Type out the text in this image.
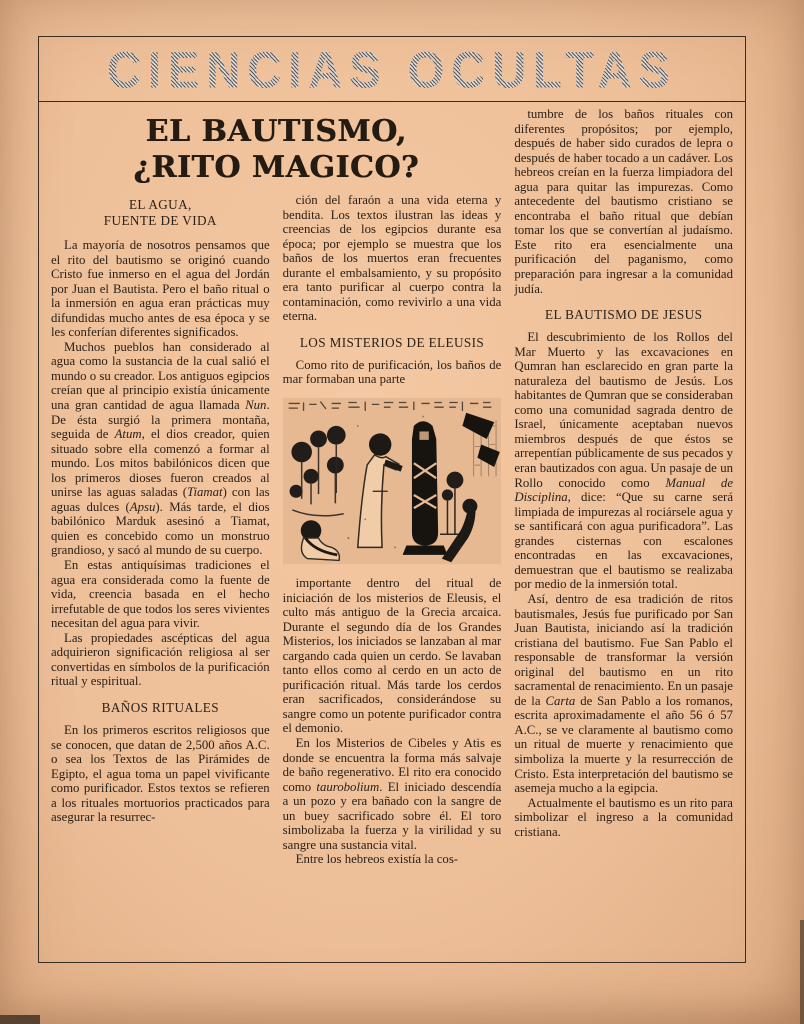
CIENCIAS OCULTAS
EL BAUTISMO,
¿RITO MAGICO?
EL AGUA,
FUENTE DE VIDA

La mayoría de nosotros pensamos que el rito del bautismo se originó cuando Cristo fue inmerso en el agua del Jordán por Juan el Bautista. Pero el baño ritual o la inmersión en agua eran prácticas muy difundidas mucho antes de esa época y se les conferían diferentes significados.

Muchos pueblos han considerado al agua como la sustancia de la cual salió el mundo o su creador. Los antiguos egipcios creían que al principio existía únicamente una gran cantidad de agua llamada Nun. De ésta surgió la primera montaña, seguida de Atum, el dios creador, quien situado sobre ella comenzó a formar al mundo. Los mitos babilónicos dicen que los primeros dioses fueron creados al unirse las aguas saladas (Tiamat) con las aguas dulces (Apsu). Más tarde, el dios babilónico Marduk asesinó a Tiamat, quien es concebido como un monstruo grandioso, y sacó al mundo de su cuerpo.

En estas antiquísimas tradiciones el agua era considerada como la fuente de vida, creencia basada en el hecho irrefutable de que todos los seres vivientes necesitan del agua para vivir.

Las propiedades ascépticas del agua adquirieron significación religiosa al ser convertidas en símbolos de la purificación ritual y espiritual.

BAÑOS RITUALES

En los primeros escritos religiosos que se conocen, que datan de 2,500 años A.C. o sea los Textos de las Pirámides de Egipto, el agua toma un papel vivificante como purificador. Estos textos se refieren a los rituales mortuorios practicados para asegurar la resurrec-

ción del faraón a una vida eterna y bendita. Los textos ilustran las ideas y creencias de los egipcios durante esa época; por ejemplo se muestra que los baños de los muertos eran frecuentes durante el embalsamiento, y su propósito era tanto purificar al cuerpo contra la contaminación, como revivirlo a una vida eterna.

LOS MISTERIOS DE ELEUSIS

Como rito de purificación, los baños de mar formaban una parte

importante dentro del ritual de iniciación de los misterios de Eleusis, el culto más antiguo de la Grecia arcaica. Durante el segundo día de los Grandes Misterios, los iniciados se lanzaban al mar cargando cada quien un cerdo. Se lavaban tanto ellos como al cerdo en un acto de purificación ritual. Más tarde los cerdos eran sacrificados, considerándose su sangre como un potente purificador contra el demonio.

En los Misterios de Cibeles y Atis es donde se encuentra la forma más salvaje de baño regenerativo. El rito era conocido como taurobolium. El iniciado descendía a un pozo y era bañado con la sangre de un buey sacrificado sobre él. El toro simbolizaba la fuerza y la virilidad y su sangre una sustancia vital.

Entre los hebreos existía la cos-

tumbre de los baños rituales con diferentes propósitos; por ejemplo, después de haber sido curados de lepra o después de haber tocado a un cadáver. Los hebreos creían en la fuerza limpiadora del agua para quitar las impurezas. Como antecedente del bautismo cristiano se encontraba el baño ritual que debían tomar los que se convertían al judaísmo. Este rito era esencialmente una purificación del paganismo, como preparación para ingresar a la comunidad judía.

EL BAUTISMO DE JESUS

El descubrimiento de los Rollos del Mar Muerto y las excavaciones en Qumran han esclarecido en gran parte la naturaleza del bautismo de Jesús. Los habitantes de Qumran que se consideraban como una comunidad sagrada dentro de Israel, únicamente aceptaban nuevos miembros después de que éstos se arrepentían públicamente de sus pecados y eran bautizados con agua. Un pasaje de un Rollo conocido como Manual de Disciplina, dice: “Que su carne será limpiada de impurezas al rociársele agua y se santificará con agua purificadora”. Las grandes cisternas con escalones encontradas en las excavaciones, demuestran que el bautismo se realizaba por medio de la inmersión total.

Así, dentro de esa tradición de ritos bautismales, Jesús fue purificado por San Juan Bautista, iniciando así la tradición cristiana del bautismo. Fue San Pablo el responsable de transformar la versión original del bautismo en un rito sacramental de renacimiento. En un pasaje de la Carta de San Pablo a los romanos, escrita aproximadamente el año 56 ó 57 A.C., se ve claramente al bautismo como un ritual de muerte y renacimiento que simboliza la muerte y la resurrección de Cristo. Esta interpretación del bautismo se asemeja mucho a la egipcia.

Actualmente el bautismo es un rito para simbolizar el ingreso a la comunidad cristiana.
